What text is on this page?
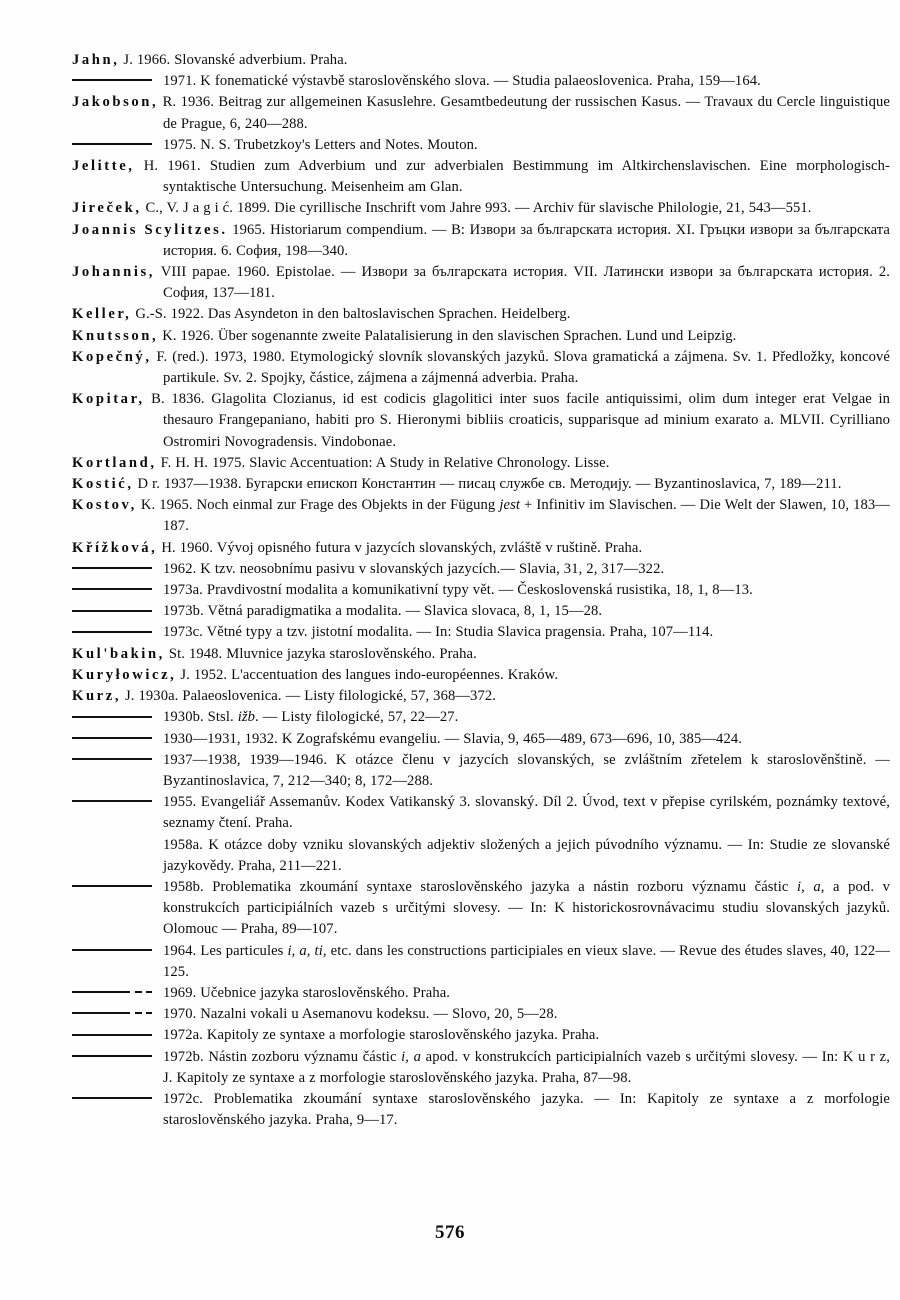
Jahn, J. 1966. Slovanské adverbium. Praha.
1971. K fonematické výstavbě staroslověnského slova. — Studia palaeoslovenica. Praha, 159—164.
Jakobson, R. 1936. Beitrag zur allgemeinen Kasuslehre. Gesamtbedeutung der russischen Kasus. — Travaux du Cercle linguistique de Prague, 6, 240—288.
1975. N. S. Trubetzkoy's Letters and Notes. Mouton.
Jelitte, H. 1961. Studien zum Adverbium und zur adverbialen Bestimmung im Altkirchenslavischen. Eine morphologisch-syntaktische Untersuchung. Meisenheim am Glan.
Jireček, C., V. J a g i ć. 1899. Die cyrillische Inschrift vom Jahre 993. — Archiv für slavische Philologie, 21, 543—551.
Joannis Scylitzes. 1965. Historiarum compendium. — В: Извори за българската история. XI. Гръцки извори за българската история. 6. София, 198—340.
Johannis, VIII papae. 1960. Epistolae. — Извори за българската история. VII. Латински извори за българската история. 2. София, 137—181.
Keller, G.-S. 1922. Das Asyndeton in den baltoslavischen Sprachen. Heidelberg.
Knutsson, K. 1926. Über sogenannte zweite Palatalisierung in den slavischen Sprachen. Lund und Leipzig.
Kopečný, F. (red.). 1973, 1980. Etymologický slovník slovanských jazyků. Slova gramatická a zájmena. Sv. 1. Předložky, koncové partikule. Sv. 2. Spojky, částice, zájmena a zájmenná adverbia. Praha.
Kopitar, B. 1836. Glagolita Clozianus, id est codicis glagolitici inter suos facile antiquissimi, olim dum integer erat Velgae in thesauro Frangepaniano, habiti pro S. Hieronymi bibliis croaticis, supparisque ad minium exarato a. MLVII. Cyrilliano Ostromiri Novogradensis. Vindobonae.
Kortland, F. H. H. 1975. Slavic Accentuation: A Study in Relative Chronology. Lisse.
Kostić, D r. 1937—1938. Бугарски епископ Константин — писац службе св. Методију. — Byzantinoslavica, 7, 189—211.
Kostov, K. 1965. Noch einmal zur Frage des Objekts in der Fügung jest + Infinitiv im Slavischen. — Die Welt der Slawen, 10, 183—187.
Křížková, H. 1960. Vývoj opisného futura v jazycích slovanských, zvláště v ruštině. Praha.
1962. K tzv. neosobnímu pasivu v slovanských jazycích.— Slavia, 31, 2, 317—322.
1973a. Pravdivostní modalita a komunikativní typy vět. — Československá rusistika, 18, 1, 8—13.
1973b. Větná paradigmatika a modalita. — Slavica slovaca, 8, 1, 15—28.
1973c. Větné typy a tzv. jistotní modalita. — In: Studia Slavica pragensia. Praha, 107—114.
Kul'bakin, St. 1948. Mluvnice jazyka staroslověnského. Praha.
Kuryłowicz, J. 1952. L'accentuation des langues indo-européennes. Kraków.
Kurz, J. 1930a. Palaeoslovenica. — Listy filologické, 57, 368—372.
1930b. Stsl. ižb. — Listy filologické, 57, 22—27.
1930—1931, 1932. K Zografskému evangeliu. — Slavia, 9, 465—489, 673—696, 10, 385—424.
1937—1938, 1939—1946. K otázce členu v jazycích slovanských, se zvláštním zřetelem k staroslověnštině. — Byzantinoslavica, 7, 212—340; 8, 172—288.
1955. Evangeliář Assemanův. Kodex Vatikanský 3. slovanský. Díl 2. Úvod, text v přepise cyrilském, poznámky textové, seznamy čtení. Praha.
1958a. K otázce doby vzniku slovanských adjektiv složených a jejich púvodního významu. — In: Studie ze slovanské jazykovědy. Praha, 211—221.
1958b. Problematika zkoumání syntaxe staroslověnského jazyka a nástin rozboru významu částic i, a, a pod. v konstrukcích participiálních vazeb s určitými slovesy. — In: K historickosrovnávacimu studiu slovanských jazyků. Olomouc — Praha, 89—107.
1964. Les particules i, a, ti, etc. dans les constructions participiales en vieux slave. — Revue des études slaves, 40, 122—125.
1969. Učebnice jazyka staroslověnského. Praha.
1970. Nazalni vokali u Asemanovu kodeksu. — Slovo, 20, 5—28.
1972a. Kapitoly ze syntaxe a morfologie staroslověnského jazyka. Praha.
1972b. Nástin zozboru významu částic i, a apod. v konstrukcích participialních vazeb s určitými slovesy. — In: K u r z, J. Kapitoly ze syntaxe a z morfologie staroslověnského jazyka. Praha, 87—98.
1972c. Problematika zkoumání syntaxe staroslověnského jazyka. — In: Kapitoly ze syntaxe a z morfologie staroslověnského jazyka. Praha, 9—17.
576
